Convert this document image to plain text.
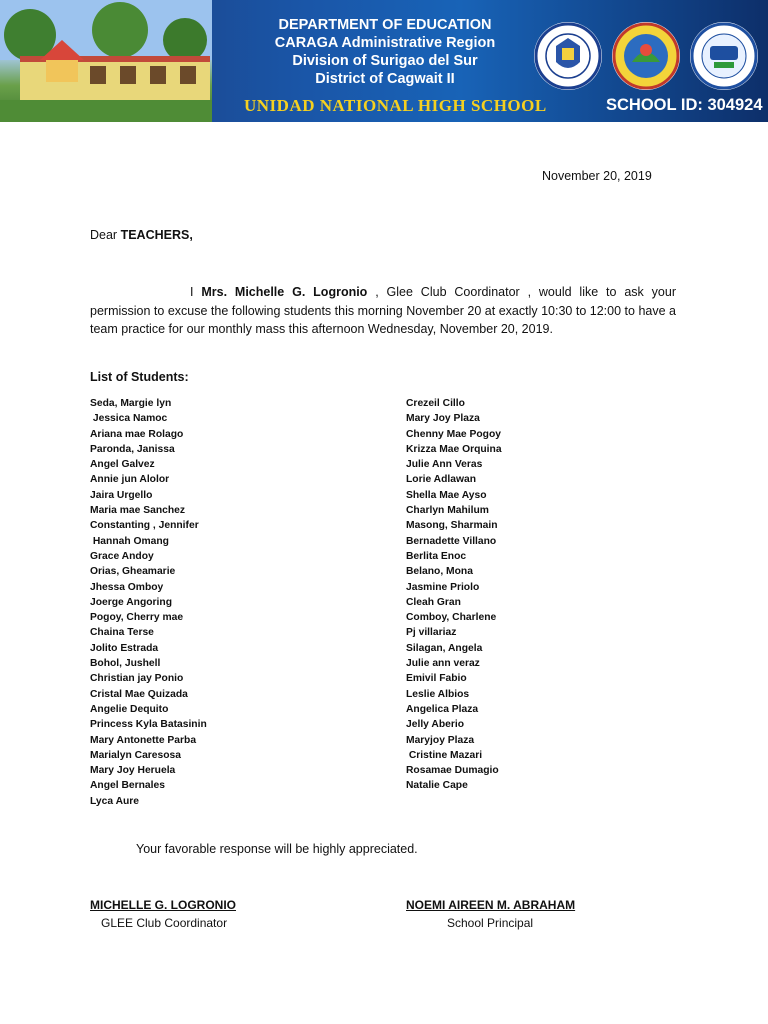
DEPARTMENT OF EDUCATION
CARAGA Administrative Region
Division of Surigao del Sur
District of Cagwait II
UNIDAD NATIONAL HIGH SCHOOL	SCHOOL ID: 304924
November 20, 2019
Dear TEACHERS,
I Mrs. Michelle G. Logronio , Glee Club Coordinator , would like to ask your permission to excuse the following students this morning November 20 at exactly 10:30 to 12:00 to have a team practice for our monthly mass this afternoon Wednesday, November 20, 2019.
List of Students:
Seda, Margie lyn
Jessica Namoc
Ariana mae Rolago
Paronda, Janissa
Angel Galvez
Annie jun Alolor
Jaira Urgello
Maria mae Sanchez
Constanting , Jennifer
Hannah Omang
Grace Andoy
Orias, Gheamarie
Jhessa Omboy
Joerge Angoring
Pogoy, Cherry mae
Chaina Terse
Jolito Estrada
Bohol, Jushell
Christian jay Ponio
Cristal Mae Quizada
Angelie Dequito
Princess Kyla Batasinin
Mary Antonette Parba
Marialyn Caresosa
Mary Joy Heruela
Angel Bernales
Lyca Aure
Crezeil Cillo
Mary Joy Plaza
Chenny Mae Pogoy
Krizza Mae Orquina
Julie Ann Veras
Lorie Adlawan
Shella Mae Ayso
Charlyn Mahilum
Masong, Sharmain
Bernadette Villano
Berlita Enoc
Belano, Mona
Jasmine Priolo
Cleah Gran
Comboy, Charlene
Pj villariaz
Silagan, Angela
Julie ann veraz
Emivil Fabio
Leslie Albios
Angelica Plaza
Jelly Aberio
Maryjoy Plaza
Cristine Mazari
Rosamae Dumagio
Natalie Cape
Your favorable response will be highly appreciated.
MICHELLE G. LOGRONIO
GLEE Club Coordinator
NOEMI AIREEN M. ABRAHAM
School Principal
